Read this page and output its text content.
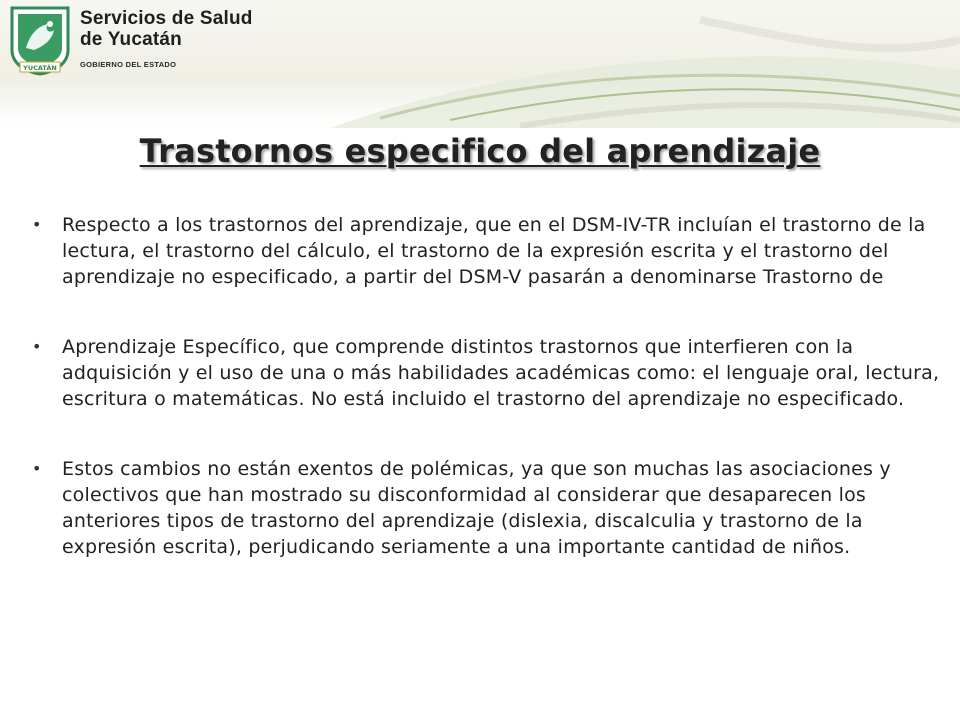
YUCATÁN
Servicios de Salud
de Yucatán
GOBIERNO DEL ESTADO
Trastornos especifico del aprendizaje
• Respecto a los trastornos del aprendizaje, que en el DSM-IV-TR incluían el trastorno de la lectura, el trastorno del cálculo, el trastorno de la expresión escrita y el trastorno del aprendizaje no especificado, a partir del DSM-V pasarán a denominarse Trastorno de
• Aprendizaje Específico, que comprende distintos trastornos que interfieren con la adquisición y el uso de una o más habilidades académicas como: el lenguaje oral, lectura, escritura o matemáticas. No está incluido el trastorno del aprendizaje no especificado.
• Estos cambios no están exentos de polémicas, ya que son muchas las asociaciones y colectivos que han mostrado su disconformidad al considerar que desaparecen los anteriores tipos de trastorno del aprendizaje (dislexia, discalculia y trastorno de la expresión escrita), perjudicando seriamente a una importante cantidad de niños.
